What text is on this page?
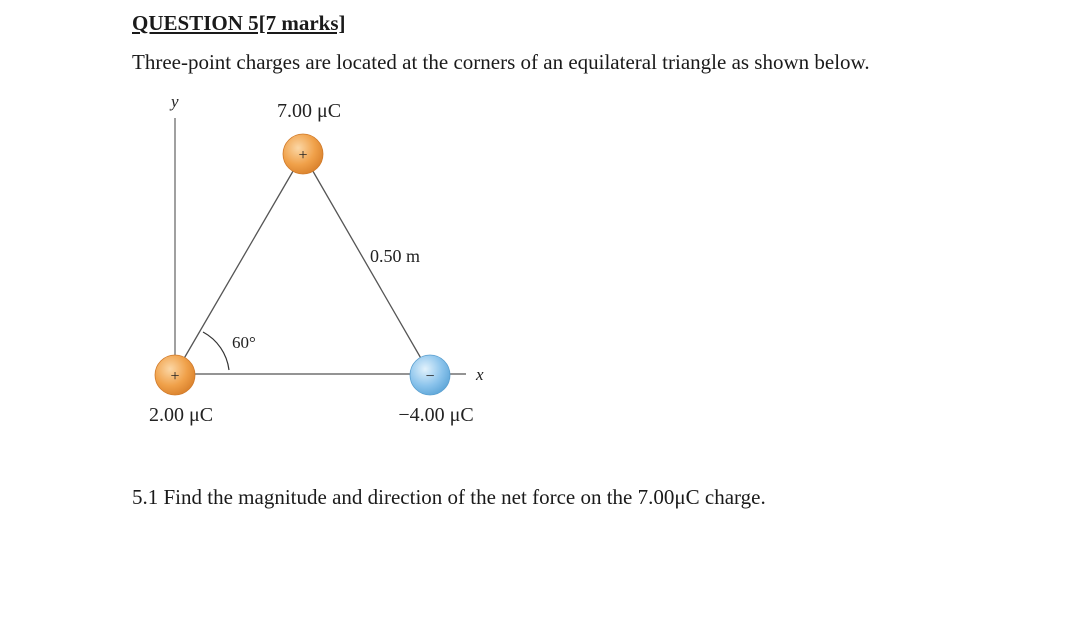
QUESTION 5[7 marks]
Three-point charges are located at the corners of an equilateral triangle as shown below.
y
x
60°
0.50 m
+
7.00 μC
+
2.00 μC
−
−4.00 μC
5.1 Find the magnitude and direction of the net force on the 7.00μC charge.
